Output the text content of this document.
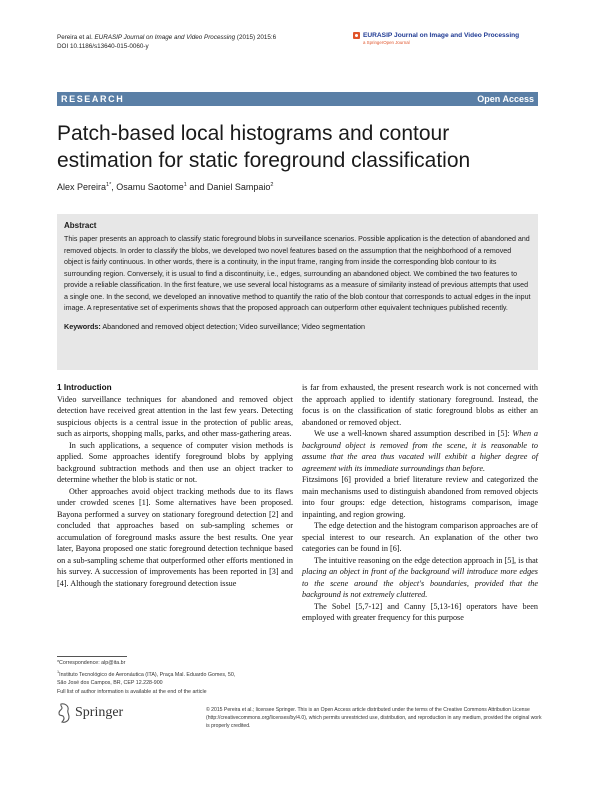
Pereira et al. EURASIP Journal on Image and Video Processing (2015) 2015:6
DOI 10.1186/s13640-015-0060-y
EURASIP Journal on Image and Video Processing
a SpringerOpen Journal
RESEARCH	Open Access
Patch-based local histograms and contour estimation for static foreground classification
Alex Pereira$^{1*}$, Osamu Saotome$^1$ and Daniel Sampaio$^2$
Abstract
This paper presents an approach to classify static foreground blobs in surveillance scenarios. Possible application is the detection of abandoned and removed objects. In order to classify the blobs, we developed two novel features based on the assumption that the neighborhood of a removed object is fairly continuous. In other words, there is a continuity, in the input frame, ranging from inside the corresponding blob contour to its surrounding region. Conversely, it is usual to find a discontinuity, i.e., edges, surrounding an abandoned object. We combined the two features to provide a reliable classification. In the first feature, we use several local histograms as a measure of similarity instead of previous attempts that used a single one. In the second, we developed an innovative method to quantify the ratio of the blob contour that corresponds to actual edges in the input image. A representative set of experiments shows that the proposed approach can outperform other equivalent techniques published recently.
Keywords: Abandoned and removed object detection; Video surveillance; Video segmentation
1 Introduction

Video surveillance techniques for abandoned and removed object detection have received great attention in the last few years. Detecting suspicious objects is a central issue in the protection of public areas, such as airports, shopping malls, parks, and other mass-gathering areas.

In such applications, a sequence of computer vision methods is applied. Some approaches identify foreground blobs by applying background subtraction methods and then use an object tracker to determine whether the blob is static or not.

Other approaches avoid object tracking methods due to its flaws under crowded scenes [1]. Some alternatives have been proposed. Bayona performed a survey on stationary foreground detection [2] and concluded that approaches based on sub-sampling schemes or accumulation of foreground masks assure the best results. One year later, Bayona proposed one static foreground detection technique based on a sub-sampling scheme that outperformed other efforts mentioned in his survey. A succession of improvements has been reported in [3] and [4]. Although the stationary foreground detection issue

is far from exhausted, the present research work is not concerned with the approach applied to identify stationary foreground. Instead, the focus is on the classification of static foreground blobs as either an abandoned or removed object.

We use a well-known shared assumption described in [5]: When a background object is removed from the scene, it is reasonable to assume that the area thus vacated will exhibit a higher degree of agreement with its immediate surroundings than before.

Fitzsimons [6] provided a brief literature review and categorized the main mechanisms used to distinguish abandoned from removed objects into four groups: edge detection, histograms comparison, image inpainting, and region growing.

The edge detection and the histogram comparison approaches are of special interest to our research. An explanation of the other two categories can be found in [6].

The intuitive reasoning on the edge detection approach in [5], is that placing an object in front of the background will introduce more edges to the scene around the object's boundaries, provided that the background is not extremely cluttered.

The Sobel [5,7-12] and Canny [5,13-16] operators have been employed with greater frequency for this purpose

*Correspondence: alp@ita.br
$^1$Instituto Tecnológico de Aeronáutica (ITA), Praça Mal. Eduardo Gomes, 50,
São José dos Campos, BR, CEP 12.228-900
Full list of author information is available at the end of the article
Springer	© 2015 Pereira et al.; licensee Springer. This is an Open Access article distributed under the terms of the Creative Commons Attribution License (http://creativecommons.org/licenses/by/4.0), which permits unrestricted use, distribution, and reproduction in any medium, provided the original work is properly credited.
